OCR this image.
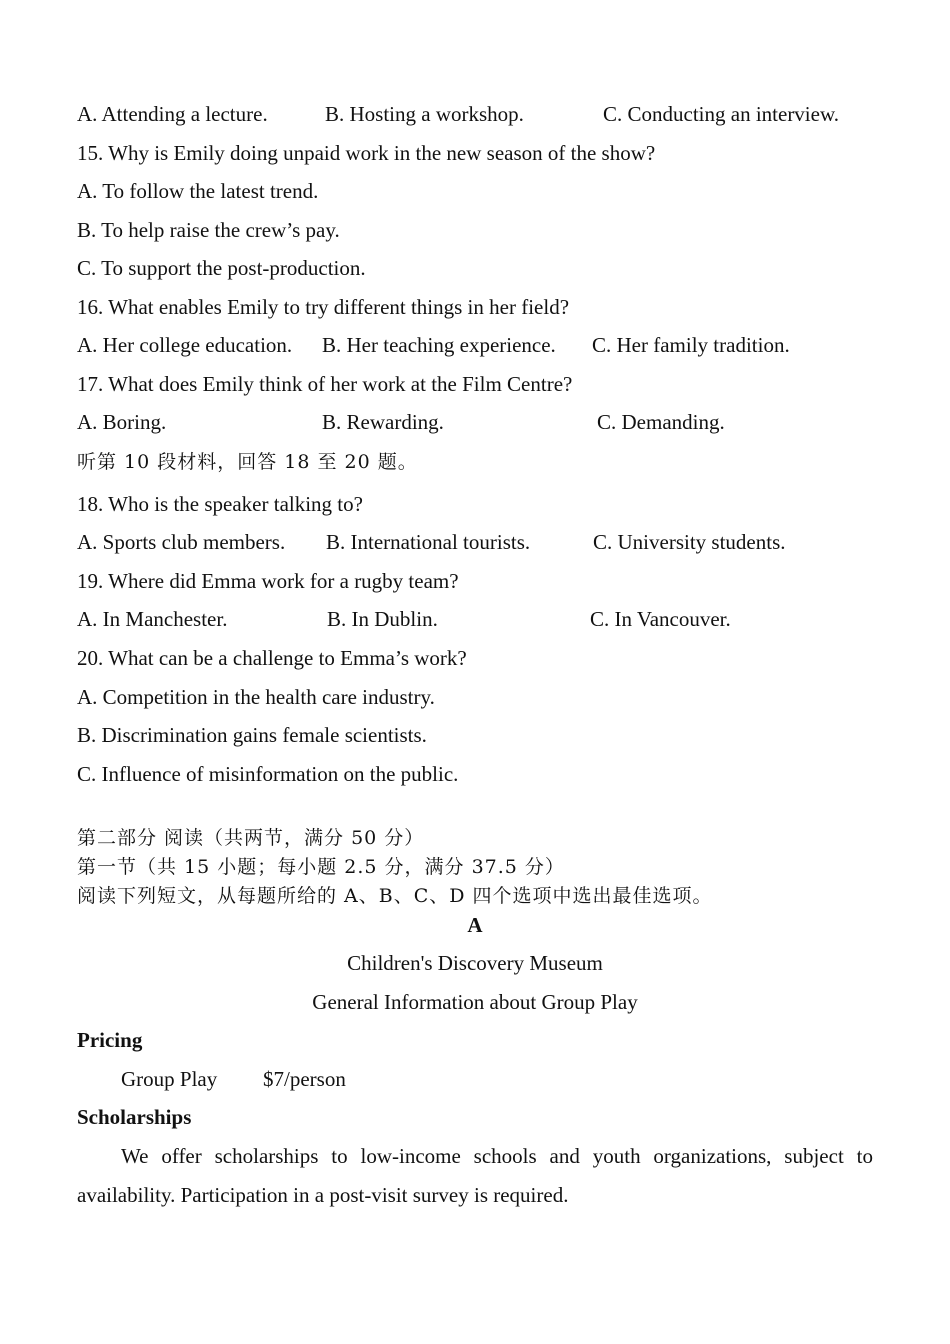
A. Attending a lecture.	B. Hosting a workshop.	C. Conducting an interview.
15. Why is Emily doing unpaid work in the new season of the show?
A. To follow the latest trend.
B. To help raise the crew’s pay.
C. To support the post-production.
16. What enables Emily to try different things in her field?
A. Her college education. B. Her teaching experience. C. Her family tradition.
17. What does Emily think of her work at the Film Centre?
A. Boring.	B. Rewarding.	C. Demanding.
听第 10 段材料，回答 18 至 20 题。
18. Who is the speaker talking to?
A. Sports club members. B. International tourists.	C. University students.
19. Where did Emma work for a rugby team?
A. In Manchester.	B. In Dublin.	C. In Vancouver.
20. What can be a challenge to Emma’s work?
A. Competition in the health care industry.
B. Discrimination gains female scientists.
C. Influence of misinformation on the public.
第二部分 阅读（共两节，满分 50 分）
第一节（共 15 小题；每小题 2.5 分，满分 37.5 分）
阅读下列短文，从每题所给的 A、B、C、D 四个选项中选出最佳选项。
A
Children's Discovery Museum
General Information about Group Play
Pricing
Group Play $7/person
Scholarships
We offer scholarships to low-income schools and youth organizations, subject to availability. Participation in a post-visit survey is required.
